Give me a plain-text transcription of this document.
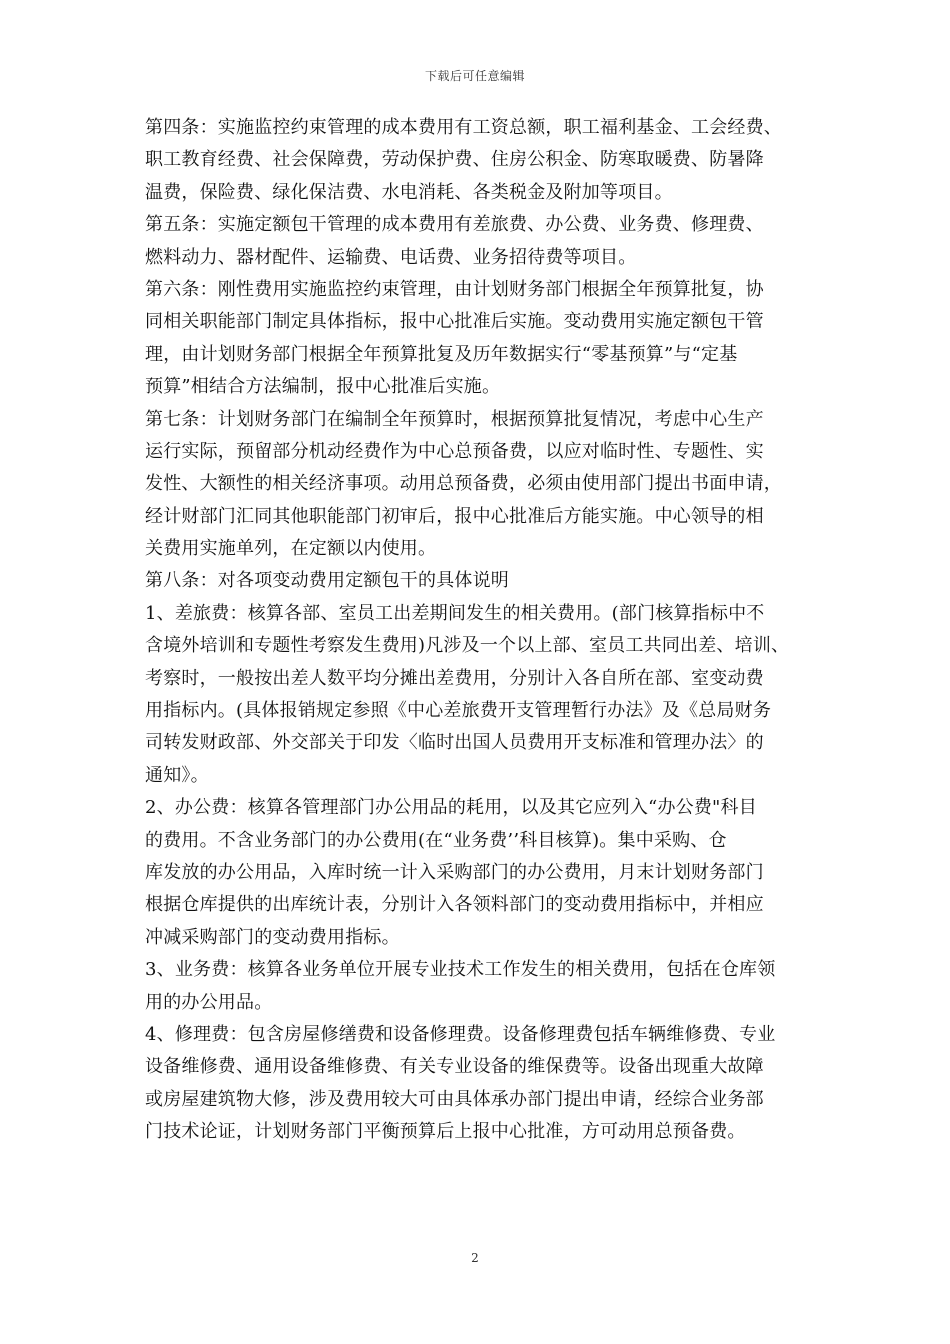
下载后可任意编辑
第四条：实施监控约束管理的成本费用有工资总额，职工福利基金、工会经费、
职工教育经费、社会保障费，劳动保护费、住房公积金、防寒取暖费、防暑降
温费，保险费、绿化保洁费、水电消耗、各类税金及附加等项目。
第五条：实施定额包干管理的成本费用有差旅费、办公费、业务费、修理费、
燃料动力、器材配件、运输费、电话费、业务招待费等项目。
第六条：刚性费用实施监控约束管理，由计划财务部门根据全年预算批复，协
同相关职能部门制定具体指标，报中心批准后实施。变动费用实施定额包干管
理，由计划财务部门根据全年预算批复及历年数据实行“零基预算”与“定基
预算”相结合方法编制，报中心批准后实施。
第七条：计划财务部门在编制全年预算时，根据预算批复情况，考虑中心生产
运行实际，预留部分机动经费作为中心总预备费，以应对临时性、专题性、实
发性、大额性的相关经济事项。动用总预备费，必须由使用部门提出书面申请，
经计财部门汇同其他职能部门初审后，报中心批准后方能实施。中心领导的相
关费用实施单列，在定额以内使用。
第八条：对各项变动费用定额包干的具体说明
1、差旅费：核算各部、室员工出差期间发生的相关费用。(部门核算指标中不
含境外培训和专题性考察发生费用)凡涉及一个以上部、室员工共同出差、培训、
考察时，一般按出差人数平均分摊出差费用，分别计入各自所在部、室变动费
用指标内。(具体报销规定参照《中心差旅费开支管理暂行办法》及《总局财务
司转发财政部、外交部关于印发〈临时出国人员费用开支标准和管理办法〉的
通知》。
2、办公费：核算各管理部门办公用品的耗用，以及其它应列入“办公费"科目
的费用。不含业务部门的办公费用(在“业务费’’科目核算)。集中采购、仓
库发放的办公用品，入库时统一计入采购部门的办公费用，月末计划财务部门
根据仓库提供的出库统计表，分别计入各领料部门的变动费用指标中，并相应
冲减采购部门的变动费用指标。
3、业务费：核算各业务单位开展专业技术工作发生的相关费用，包括在仓库领
用的办公用品。
4、修理费：包含房屋修缮费和设备修理费。设备修理费包括车辆维修费、专业
设备维修费、通用设备维修费、有关专业设备的维保费等。设备出现重大故障
或房屋建筑物大修，涉及费用较大可由具体承办部门提出申请，经综合业务部
门技术论证，计划财务部门平衡预算后上报中心批准，方可动用总预备费。
2
